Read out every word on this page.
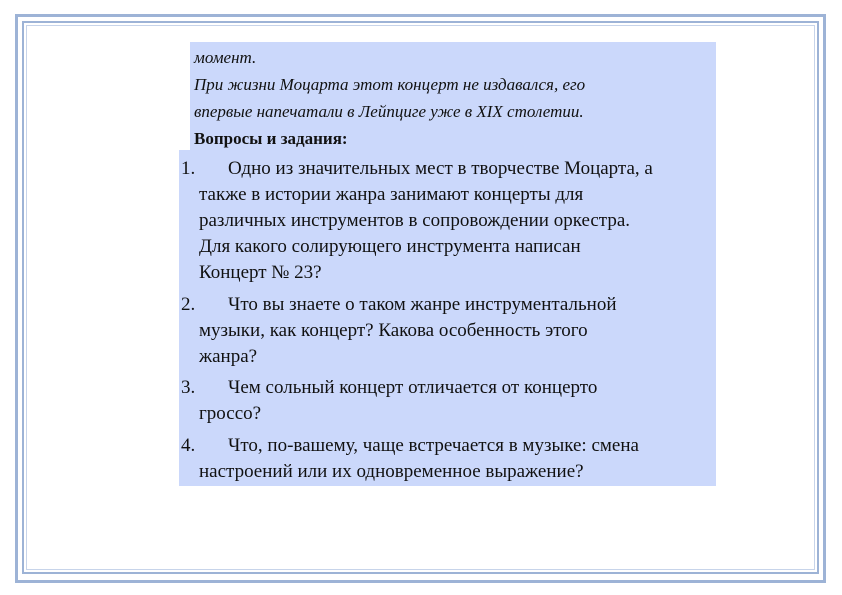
момент.
При жизни Моцарта этот концерт не издавался, его
впервые напечатали в Лейпциге уже в XIX столетии.
Вопросы и задания:
1.	Одно из значительных мест в творчестве Моцарта, а
также в истории жанра занимают концерты для
различных инструментов в сопровождении оркестра.
Для какого солирующего инструмента написан
Концерт № 23?
2.	Что вы знаете о таком жанре инструментальной
музыки, как концерт? Какова особенность этого
жанра?
3.	Чем сольный концерт отличается от концерто
гроссо?
4.	Что, по-вашему, чаще встречается в музыке: смена
настроений или их одновременное выражение?
